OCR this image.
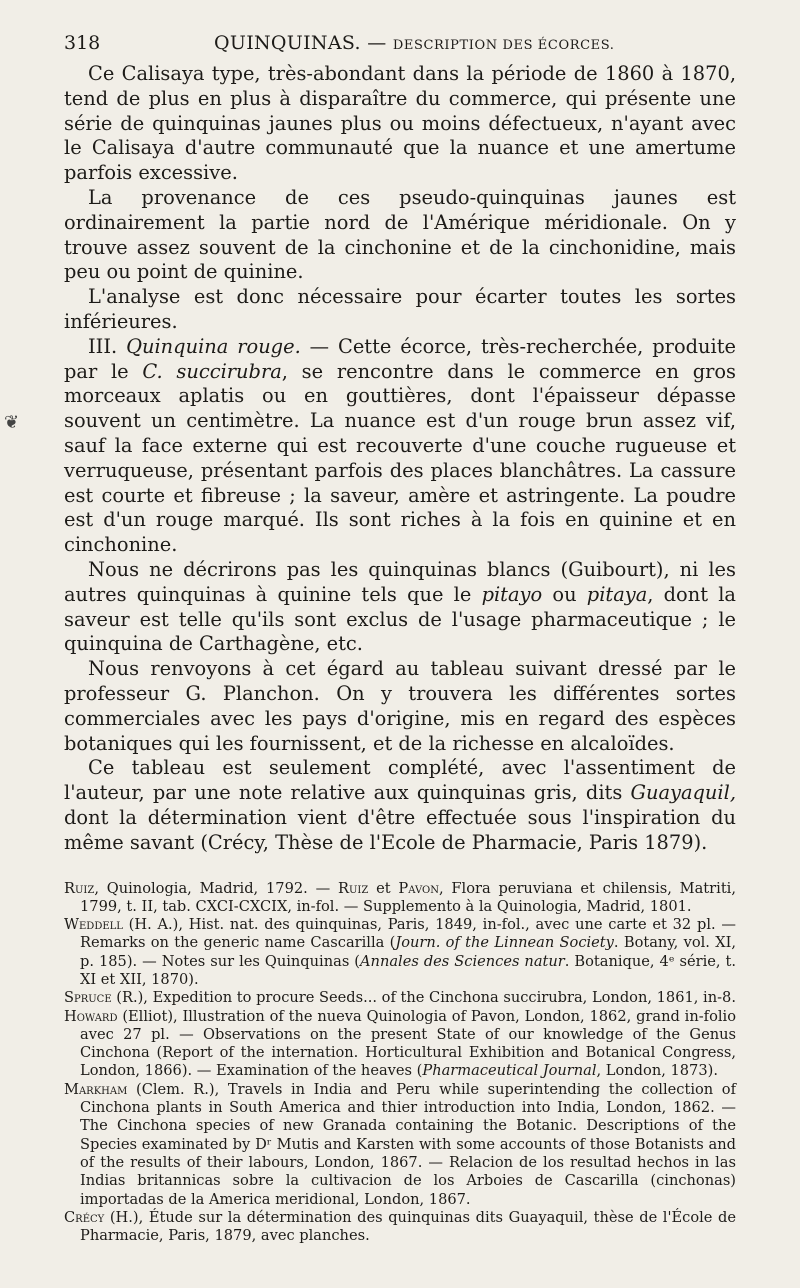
❦
318	QUINQUINAS. — DESCRIPTION DES ÉCORCES.

Ce Calisaya type, très-abondant dans la période de 1860 à 1870, tend de plus en plus à disparaître du commerce, qui présente une série de quinquinas jaunes plus ou moins défectueux, n'ayant avec le Calisaya d'autre communauté que la nuance et une amertume parfois excessive.

La provenance de ces pseudo-quinquinas jaunes est ordinairement la partie nord de l'Amérique méridionale. On y trouve assez souvent de la cinchonine et de la cinchonidine, mais peu ou point de quinine.

L'analyse est donc nécessaire pour écarter toutes les sortes inférieures.

III. Quinquina rouge. — Cette écorce, très-recherchée, produite par le C. succirubra, se rencontre dans le commerce en gros morceaux aplatis ou en gouttières, dont l'épaisseur dépasse souvent un centimètre. La nuance est d'un rouge brun assez vif, sauf la face externe qui est recouverte d'une couche rugueuse et verruqueuse, présentant parfois des places blanchâtres. La cassure est courte et fibreuse ; la saveur, amère et astringente. La poudre est d'un rouge marqué. Ils sont riches à la fois en quinine et en cinchonine.

Nous ne décrirons pas les quinquinas blancs (Guibourt), ni les autres quinquinas à quinine tels que le pitayo ou pitaya, dont la saveur est telle qu'ils sont exclus de l'usage pharmaceutique ; le quinquina de Carthagène, etc.

Nous renvoyons à cet égard au tableau suivant dressé par le professeur G. Planchon. On y trouvera les différentes sortes commerciales avec les pays d'origine, mis en regard des espèces botaniques qui les fournissent, et de la richesse en alcaloïdes.

Ce tableau est seulement complété, avec l'assentiment de l'auteur, par une note relative aux quinquinas gris, dits Guayaquil, dont la détermination vient d'être effectuée sous l'inspiration du même savant (Crécy, Thèse de l'Ecole de Pharmacie, Paris 1879).

Ruiz, Quinologia, Madrid, 1792. — Ruiz et Pavon, Flora peruviana et chilensis, Matriti, 1799, t. II, tab. CXCI-CXCIX, in-fol. — Supplemento à la Quinologia, Madrid, 1801.

Weddell (H. A.), Hist. nat. des quinquinas, Paris, 1849, in-fol., avec une carte et 32 pl. — Remarks on the generic name Cascarilla (Journ. of the Linnean Society. Botany, vol. XI, p. 185). — Notes sur les Quinquinas (Annales des Sciences natur. Botanique, 4ᵉ série, t. XI et XII, 1870).

Spruce (R.), Expedition to procure Seeds... of the Cinchona succirubra, London, 1861, in-8.

Howard (Elliot), Illustration of the nueva Quinologia of Pavon, London, 1862, grand in-folio avec 27 pl. — Observations on the present State of our knowledge of the Genus Cinchona (Report of the internation. Horticultural Exhibition and Botanical Congress, London, 1866). — Examination of the heaves (Pharmaceutical Journal, London, 1873).

Markham (Clem. R.), Travels in India and Peru while superintending the collection of Cinchona plants in South America and thier introduction into India, London, 1862. — The Cinchona species of new Granada containing the Botanic. Descriptions of the Species examinated by Dʳ Mutis and Karsten with some accounts of those Botanists and of the results of their labours, London, 1867. — Relacion de los resultad hechos in las Indias britannicas sobre la cultivacion de los Arboies de Cascarilla (cinchonas) importadas de la America meridional, London, 1867.

Crécy (H.), Étude sur la détermination des quinquinas dits Guayaquil, thèse de l'École de Pharmacie, Paris, 1879, avec planches.
